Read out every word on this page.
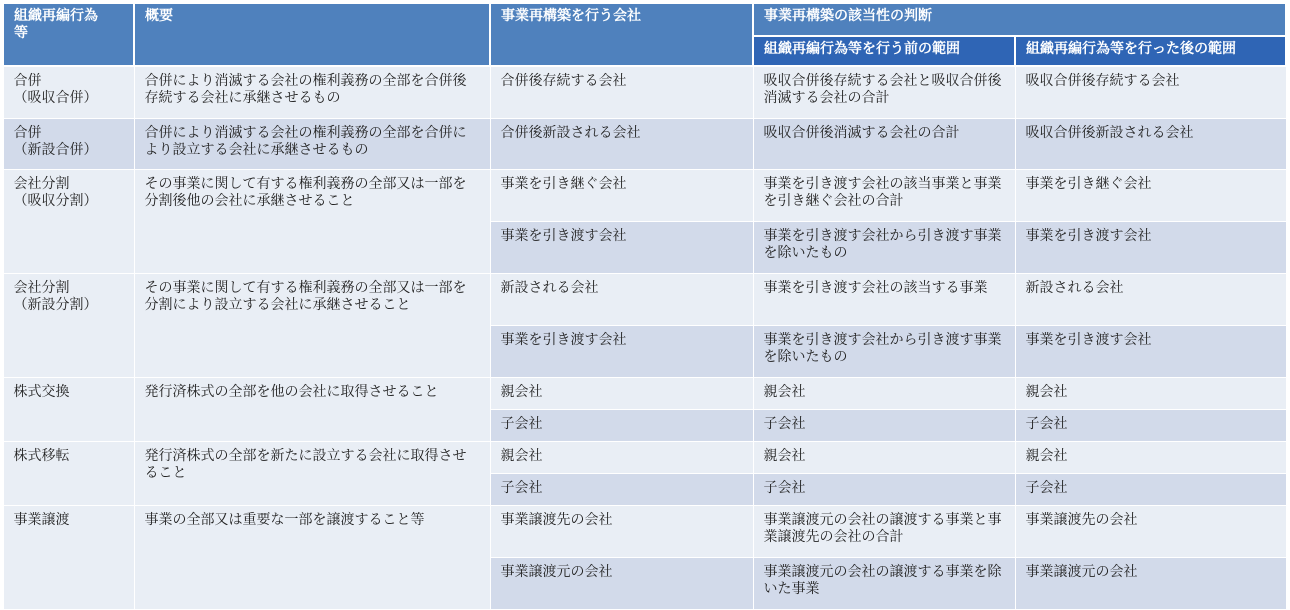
組織再編行為
等	概要	事業再構築を行う会社	事業再構築の該当性の判断	

			組織再編行為等を行う前の範囲	組織再編行為等を行った後の範囲

合併
（吸収合併）	合併により消滅する会社の権利義務の全部を合併後存続する会社に承継させるもの	合併後存続する会社	吸収合併後存続する会社と吸収合併後消滅する会社の合計	吸収合併後存続する会社

合併
（新設合併）	合併により消滅する会社の権利義務の全部を合併により設立する会社に承継させるもの	合併後新設される会社	吸収合併後消滅する会社の合計	吸収合併後新設される会社

会社分割
（吸収分割）	その事業に関して有する権利義務の全部又は一部を分割後他の会社に承継させること	事業を引き継ぐ会社	事業を引き渡す会社の該当事業と事業を引き継ぐ会社の合計	事業を引き継ぐ会社

		事業を引き渡す会社	事業を引き渡す会社から引き渡す事業を除いたもの	事業を引き渡す会社

会社分割
（新設分割）	その事業に関して有する権利義務の全部又は一部を分割により設立する会社に承継させること	新設される会社	事業を引き渡す会社の該当する事業	新設される会社

		事業を引き渡す会社	事業を引き渡す会社から引き渡す事業を除いたもの	事業を引き渡す会社

株式交換	発行済株式の全部を他の会社に取得させること	親会社	親会社	親会社

		子会社	子会社	子会社

株式移転	発行済株式の全部を新たに設立する会社に取得させること	親会社	親会社	親会社

		子会社	子会社	子会社

事業譲渡	事業の全部又は重要な一部を譲渡すること等	事業譲渡先の会社	事業譲渡元の会社の譲渡する事業と事業譲渡先の会社の合計	事業譲渡先の会社

		事業譲渡元の会社	事業譲渡元の会社の譲渡する事業を除いた事業	事業譲渡元の会社
